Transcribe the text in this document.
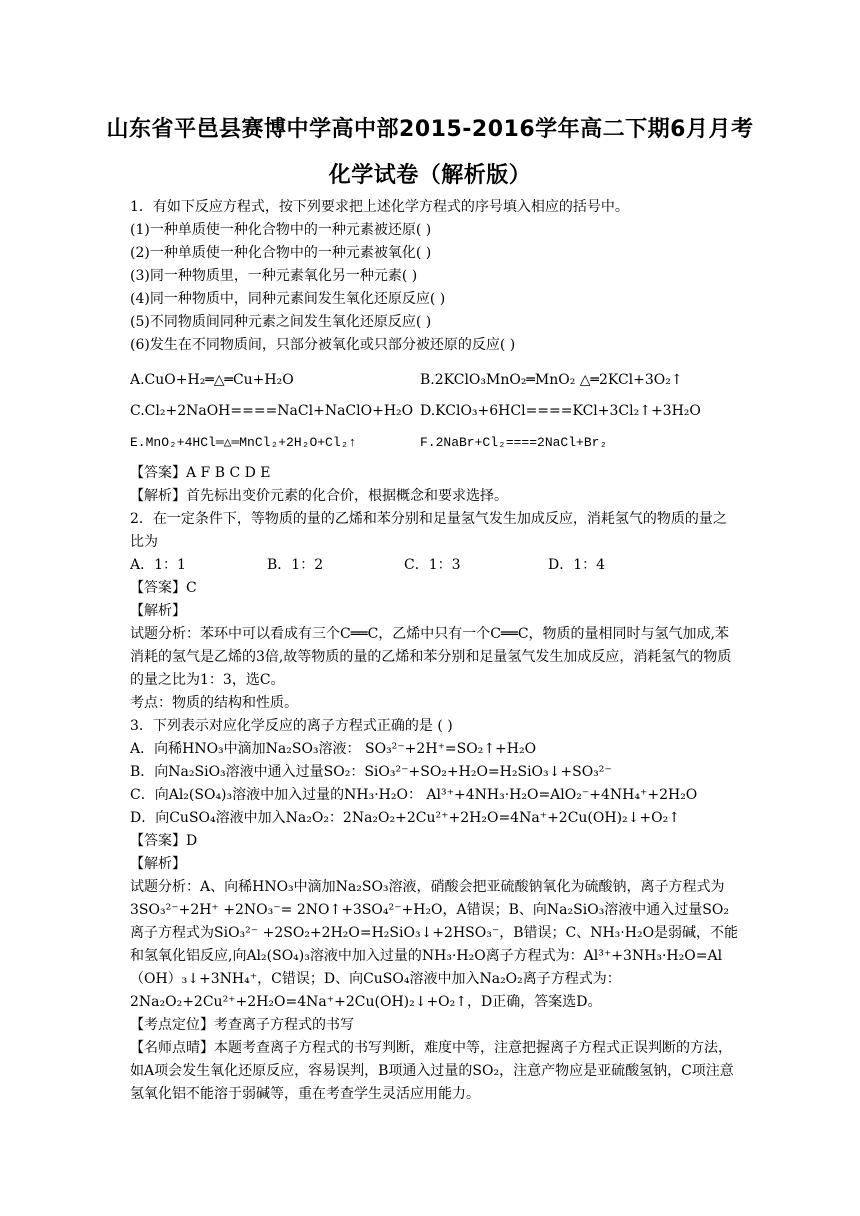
山东省平邑县赛博中学高中部2015-2016学年高二下期6月月考
化学试卷（解析版）
1．有如下反应方程式，按下列要求把上述化学方程式的序号填入相应的括号中。
(1)一种单质使一种化合物中的一种元素被还原( )
(2)一种单质使一种化合物中的一种元素被氧化( )
(3)同一种物质里，一种元素氧化另一种元素( )
(4)同一种物质中，同种元素间发生氧化还原反应( )
(5)不同物质间同种元素之间发生氧化还原反应( )
(6)发生在不同物质间，只部分被氧化或只部分被还原的反应( )
A.CuO+H₂═△═Cu+H₂O	B.2KClO₃MnO₂═MnO₂ △═2KCl+3O₂↑
C.Cl₂+2NaOH====NaCl+NaClO+H₂O D.KClO₃+6HCl====KCl+3Cl₂↑+3H₂O
E.MnO₂+4HCl═△═MnCl₂+2H₂O+Cl₂↑	F.2NaBr+Cl₂====2NaCl+Br₂
【答案】A F B C D E
【解析】首先标出变价元素的化合价，根据概念和要求选择。
2．在一定条件下，等物质的量的乙烯和苯分别和足量氢气发生加成反应，消耗氢气的物质的量之比为
A．1：1	B．1：2	C．1：3	D．1：4
【答案】C
【解析】
试题分析：苯环中可以看成有三个C══C，乙烯中只有一个C══C，物质的量相同时与氢气加成,苯消耗的氢气是乙烯的3倍,故等物质的量的乙烯和苯分别和足量氢气发生加成反应，消耗氢气的物质的量之比为1：3，选C。
考点：物质的结构和性质。
3．下列表示对应化学反应的离子方程式正确的是 ( )
A．向稀HNO₃中滴加Na₂SO₃溶液： SO₃²⁻+2H⁺=SO₂↑+H₂O
B．向Na₂SiO₃溶液中通入过量SO₂：SiO₃²⁻+SO₂+H₂O=H₂SiO₃↓+SO₃²⁻
C．向Al₂(SO₄)₃溶液中加入过量的NH₃·H₂O： Al³⁺+4NH₃·H₂O=AlO₂⁻+4NH₄⁺+2H₂O
D．向CuSO₄溶液中加入Na₂O₂：2Na₂O₂+2Cu²⁺+2H₂O=4Na⁺+2Cu(OH)₂↓+O₂↑
【答案】D
【解析】
试题分析：A、向稀HNO₃中滴加Na₂SO₃溶液，硝酸会把亚硫酸钠氧化为硫酸钠，离子方程式为3SO₃²⁻+2H⁺ +2NO₃⁻= 2NO↑+3SO₄²⁻+H₂O，A错误；B、向Na₂SiO₃溶液中通入过量SO₂离子方程式为SiO₃²⁻ +2SO₂+2H₂O=H₂SiO₃↓+2HSO₃⁻，B错误；C、NH₃·H₂O是弱碱，不能和氢氧化铝反应,向Al₂(SO₄)₃溶液中加入过量的NH₃·H₂O离子方程式为：Al³⁺+3NH₃·H₂O=Al（OH）₃↓+3NH₄⁺，C错误；D、向CuSO₄溶液中加入Na₂O₂离子方程式为：2Na₂O₂+2Cu²⁺+2H₂O=4Na⁺+2Cu(OH)₂↓+O₂↑，D正确，答案选D。
【考点定位】考查离子方程式的书写
【名师点晴】本题考查离子方程式的书写判断，难度中等，注意把握离子方程式正误判断的方法，如A项会发生氧化还原反应，容易误判，B项通入过量的SO₂，注意产物应是亚硫酸氢钠，C项注意氢氧化铝不能溶于弱碱等，重在考查学生灵活应用能力。
